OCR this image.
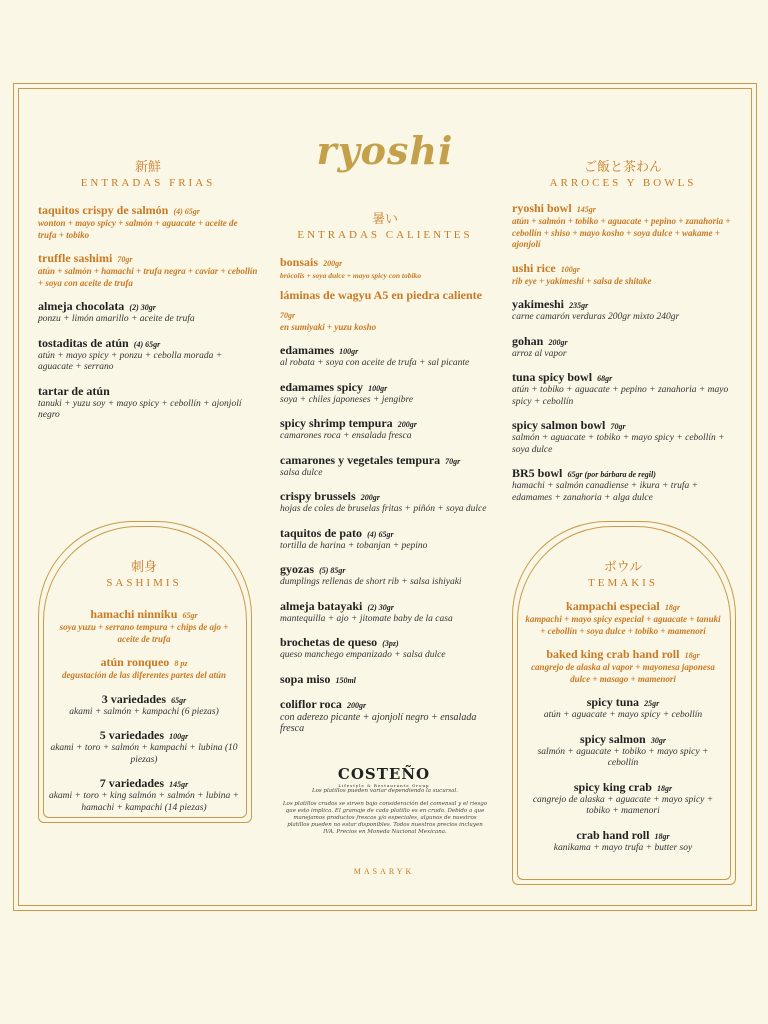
ryoshi
新鮮
ENTRADAS FRIAS
taquitos crispy de salmón (4) 65gr
wonton + mayo spicy + salmón + aguacate + aceite de trufa + tobiko
truffle sashimi 70gr
atún + salmón + hamachi + trufa negra + caviar + cebollín + soya con aceite de trufa
almeja chocolata (2) 30gr
ponzu + limón amarillo + aceite de trufa
tostaditas de atún (4) 65gr
atún + mayo spicy + ponzu + cebolla morada + aguacate + serrano
tartar de atún
tanuki + yuzu soy + mayo spicy + cebollín + ajonjolí negro
刺身
SASHIMIS
hamachi ninniku 65gr
soya yuzu + serrano tempura + chips de ajo + aceite de trufa
atún ronqueo 8 pz
degustación de las diferentes partes del atún
3 variedades 65gr
akami + salmón + kampachi (6 piezas)
5 variedades 100gr
akami + toro + salmón + kampachi + lubina (10 piezas)
7 variedades 145gr
akami + toro + king salmón + salmón + lubina + hamachi + kampachi (14 piezas)
暑い
ENTRADAS CALIENTES
bonsais 200gr
brócolis + soya dulce + mayo spicy con tobiko
láminas de wagyu A5 en piedra caliente 70gr
en sumiyaki + yuzu kosho
edamames 100gr
al robata + soya con aceite de trufa + sal picante
edamames spicy 100gr
soya + chiles japoneses + jengibre
spicy shrimp tempura 200gr
camarones roca + ensalada fresca
camarones y vegetales tempura 70gr
salsa dulce
crispy brussels 200gr
hojas de coles de bruselas fritas + piñón + soya dulce
taquitos de pato (4) 65gr
tortilla de harina + tobanjan + pepino
gyozas (5) 85gr
dumplings rellenas de short rib + salsa ishiyaki
almeja batayaki (2) 30gr
mantequilla + ajo + jitomate baby de la casa
brochetas de queso (3pz)
queso manchego empanizado + salsa dulce
sopa miso 150ml
coliflor roca 200gr
con aderezo picante + ajonjolí negro + ensalada fresca
ご飯と茶わん
ARROCES Y BOWLS
ryoshi bowl 145gr
atún + salmón + tobiko + aguacate + pepino + zanahoria + cebollín + shiso + mayo kosho + soya dulce + wakame + ajonjolí
ushi rice 100gr
rib eye + yakimeshi + salsa de shitake
yakimeshi 235gr
carne camarón verduras 200gr mixto 240gr
gohan 200gr
arroz al vapor
tuna spicy bowl 68gr
atún + tobiko + aguacate + pepino + zanahoria + mayo spicy + cebollín
spicy salmon bowl 70gr
salmón + aguacate + tobiko + mayo spicy + cebollín + soya dulce
BR5 bowl 65gr (por bárbara de regil)
hamachi + salmón canadiense + ikura + trufa + edamames + zanahoria + alga dulce
ボウル
TEMAKIS
kampachi especial 18gr
kampachi + mayo spicy especial + aguacate + tanuki + cebollín + soya dulce + tobiko + mamenori
baked king crab hand roll 18gr
cangrejo de alaska al vapor + mayonesa japonesa dulce + masago + mamenori
spicy tuna 25gr
atún + aguacate + mayo spicy + cebollín
spicy salmon 30gr
salmón + aguacate + tobiko + mayo spicy + cebollín
spicy king crab 18gr
cangrejo de alaska + aguacate + mayo spicy + tobiko + mamenori
crab hand roll 18gr
kanikama + mayo trufa + butter soy
COSTEÑO
Lifestyle & Restaurante Group
Los platillos pueden variar dependiendo la sucursal.
Los platillos crudos se sirven bajo consideración del comensal y el riesgo que esto implica. El gramaje de cada platillo es en crudo. Debido a que manejamos productos frescos y/o especiales, algunos de nuestros platillos pueden no estar disponibles. Todos nuestros precios incluyen IVA. Precios en Moneda Nacional Mexicana.
MASARYK
